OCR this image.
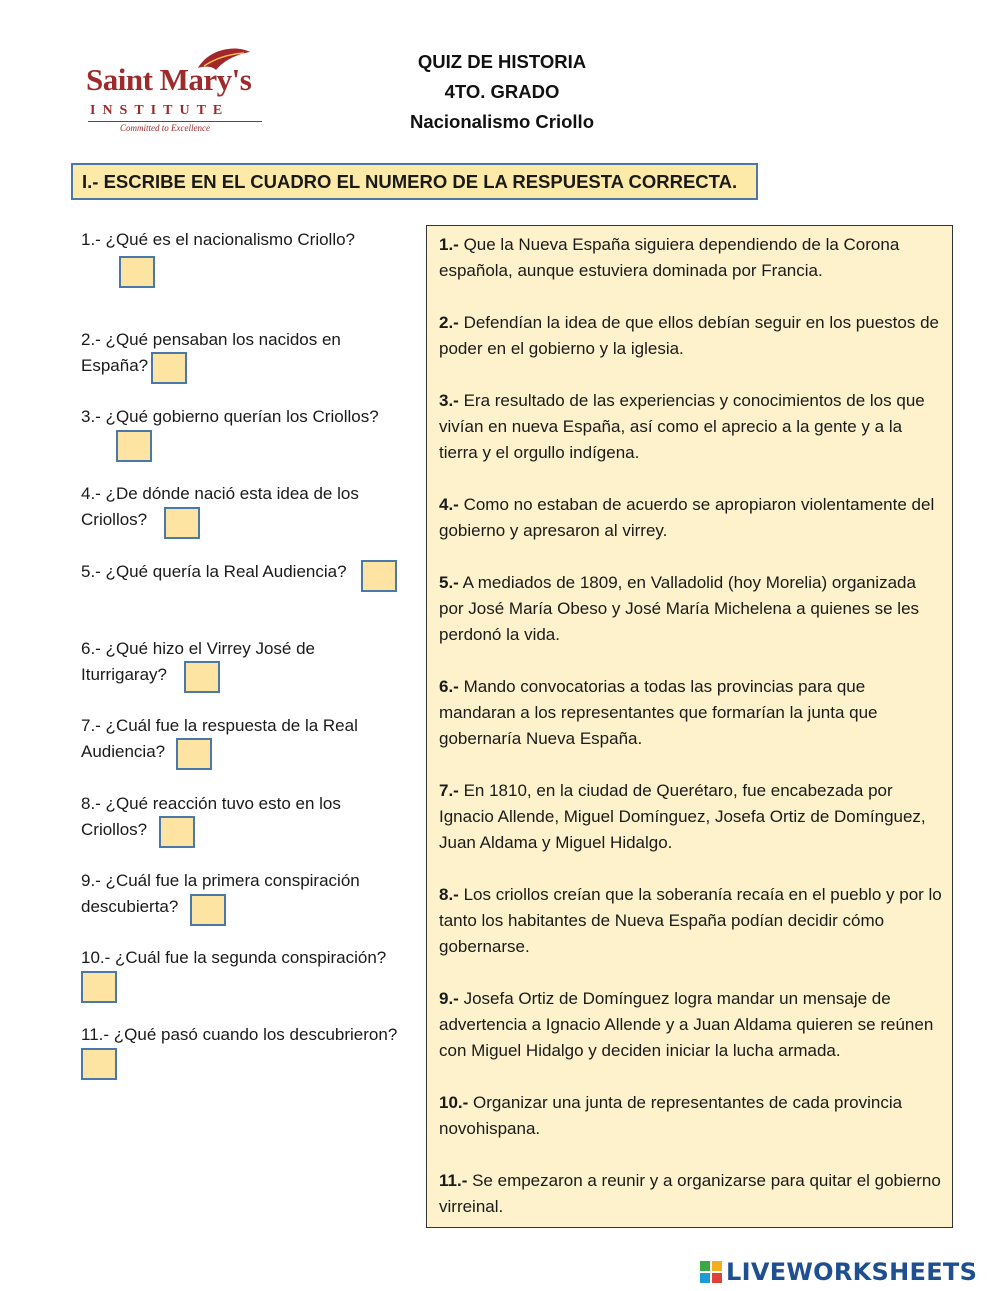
Saint Mary's
INSTITUTE
Committed to Excellence
QUIZ DE HISTORIA
4TO. GRADO
Nacionalismo Criollo
I.- ESCRIBE EN EL CUADRO EL NUMERO DE LA RESPUESTA CORRECTA.
1.- ¿Qué es el nacionalismo Criollo?
2.- ¿Qué pensaban los nacidos en España?
3.- ¿Qué gobierno querían los Criollos?
4.- ¿De dónde nació esta idea de los Criollos?
5.- ¿Qué quería la Real Audiencia?
6.- ¿Qué hizo el Virrey José de Iturrigaray?
7.- ¿Cuál fue la respuesta de la Real Audiencia?
8.- ¿Qué reacción tuvo esto en los Criollos?
9.- ¿Cuál fue la primera conspiración descubierta?
10.- ¿Cuál fue la segunda conspiración?
11.- ¿Qué pasó cuando los descubrieron?
1.- Que la Nueva España siguiera dependiendo de la Corona española, aunque estuviera dominada por Francia.
2.- Defendían la idea de que ellos debían seguir en los puestos de poder en el gobierno y la iglesia.
3.- Era resultado de las experiencias y conocimientos de los que vivían en nueva España, así como el aprecio a la gente y a la tierra y el orgullo indígena.
4.- Como no estaban de acuerdo se apropiaron violentamente del gobierno y apresaron al virrey.
5.- A mediados de 1809, en Valladolid (hoy Morelia) organizada por José María Obeso y José María Michelena a quienes se les perdonó la vida.
6.- Mando convocatorias a todas las provincias para que mandaran a los representantes que formarían la junta que gobernaría Nueva España.
7.- En 1810, en la ciudad de Querétaro, fue encabezada por Ignacio Allende, Miguel Domínguez, Josefa Ortiz de Domínguez, Juan Aldama y Miguel Hidalgo.
8.- Los criollos creían que la soberanía recaía en el pueblo y por lo tanto los habitantes de Nueva España podían decidir cómo gobernarse.
9.- Josefa Ortiz de Domínguez logra mandar un mensaje de advertencia a Ignacio Allende y a Juan Aldama quieren se reúnen con Miguel Hidalgo y deciden iniciar la lucha armada.
10.- Organizar una junta de representantes de cada provincia novohispana.
11.- Se empezaron a reunir y a organizarse para quitar el gobierno virreinal.
LIVEWORKSHEETS
